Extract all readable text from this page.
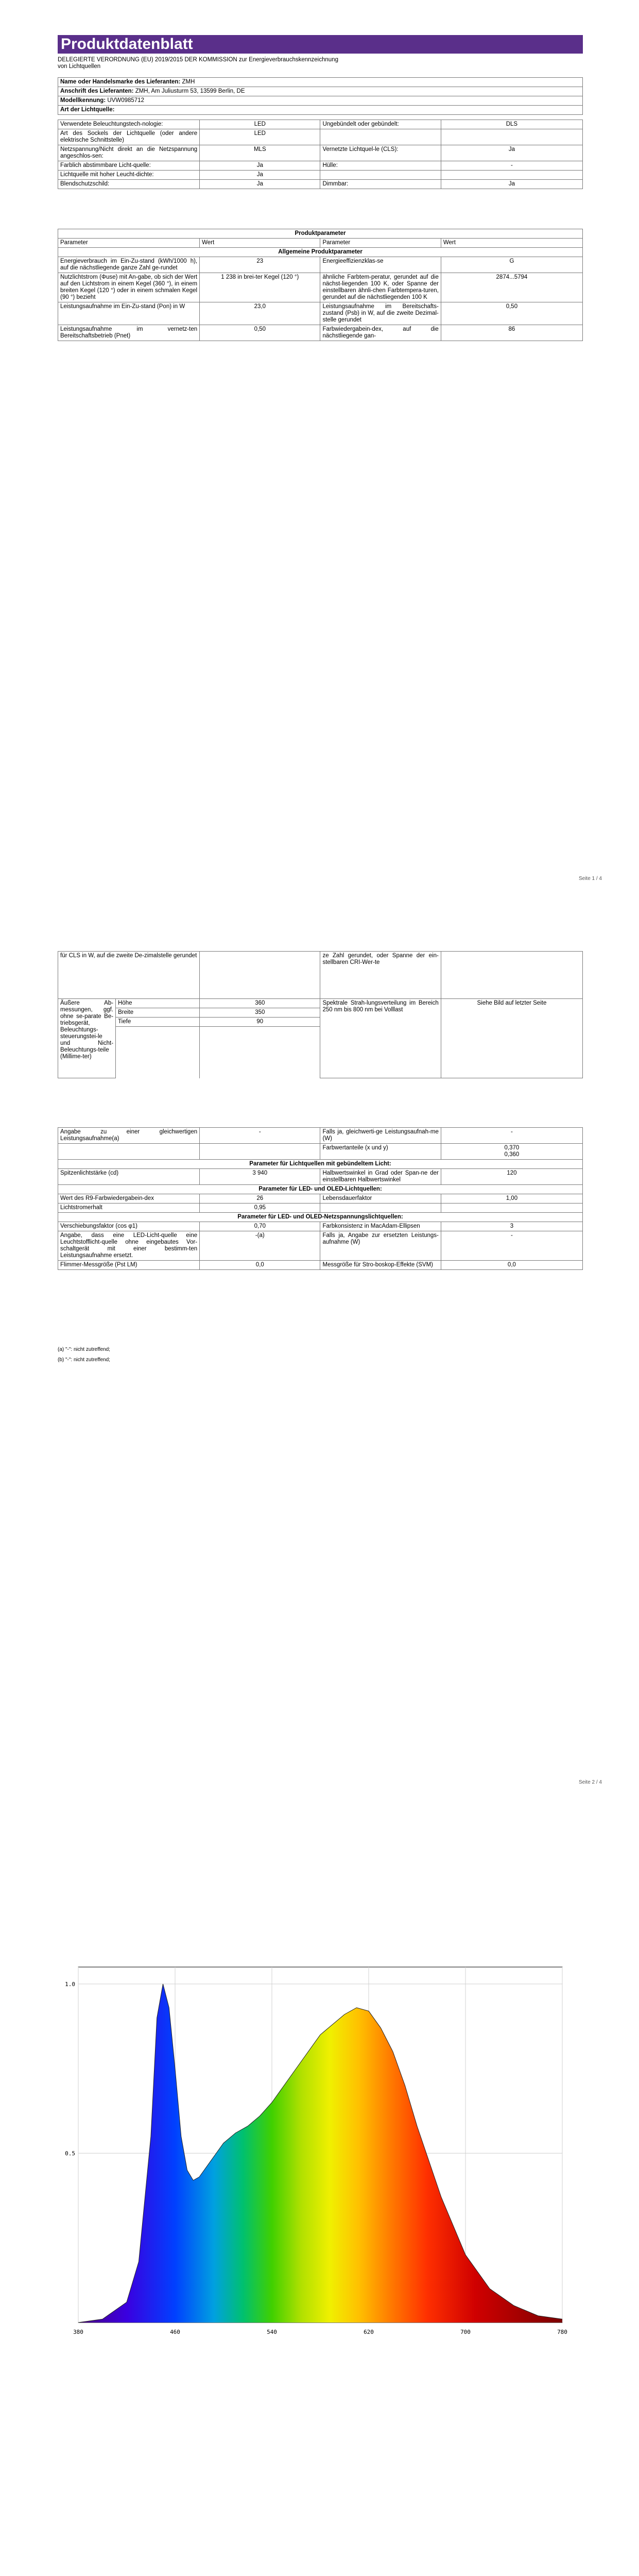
Produktdatenblatt
DELEGIERTE VERORDNUNG (EU) 2019/2015 DER KOMMISSION zur Energieverbrauchskennzeichnung von Lichtquellen
Name oder Handelsmarke des Lieferanten: ZMH
Anschrift des Lieferanten: ZMH, Am Juliusturm 53, 13599 Berlin, DE
Modellkennung: UVW0985712
Art der Lichtquelle:
Verwendete Beleuchtungstech-nologie:	LED	Ungebündelt oder gebündelt:	DLS
Art des Sockels der Lichtquelle (oder andere elektrische Schnittstelle)	LED		
Netzspannung/Nicht direkt an die Netzspannung angeschlos-sen:	MLS	Vernetzte Lichtquel-le (CLS):	Ja
Farblich abstimmbare Licht-quelle:	Ja	Hülle:	-
Lichtquelle mit hoher Leucht-dichte:	Ja		
Blendschutzschild:	Ja	Dimmbar:	Ja
Produktparameter			
Parameter	Wert	Parameter	Wert
Allgemeine Produktparameter			
Energieverbrauch im Ein-Zu-stand (kWh/1000 h), auf die nächstliegende ganze Zahl ge-rundet	23	Energieeffizienzklas-se	G
Nutzlichtstrom (Φuse) mit An-gabe, ob sich der Wert auf den Lichtstrom in einem Kegel (360 °), in einem breiten Kegel (120 °) oder in einem schmalen Kegel (90 °) bezieht	1 238 in brei-ter Kegel (120 °)	ähnliche Farbtem-peratur, gerundet auf die nächst-liegenden 100 K, oder Spanne der einstellbaren ähnli-chen Farbtempera-turen, gerundet auf die nächstliegenden 100 K	2874...5794
Leistungsaufnahme im Ein-Zu-stand (Pon) in W	23,0	Leistungsaufnahme im Bereitschafts-zustand (Psb) in W, auf die zweite Dezimal-stelle gerundet	0,50
Leistungsaufnahme im vernetz-ten Bereitschaftsbetrieb (Pnet)	0,50	Farbwiedergabein-dex, auf die nächstliegende gan-	86
Seite 1 / 4
für CLS in W, auf die zweite De-zimalstelle gerundet			ze Zahl gerundet, oder Spanne der ein-stellbaren CRI-Wer-te	
Äußere Ab-messungen, ggf. ohne se-parate Be-triebsgerät, Beleuchtungs-steuerungstei-le und Nicht-Beleuchtungs-teile (Millime-ter)	Höhe	360	Spektrale Strah-lungsverteilung im Bereich 250 nm bis 800 nm bei Volllast	Siehe Bild auf letzter Seite
	Breite	350		
	Tiefe	90		

Angabe zu einer gleichwertigen Leistungsaufnahme(a)	-	Falls ja, gleichwerti-ge Leistungsaufnah-me (W)	-
		Farbwertanteile (x und y)	0,370
0,360
Parameter für Lichtquellen mit gebündeltem Licht:			
Spitzenlichtstärke (cd)	3 940	Halbwertswinkel in Grad oder Span-ne der einstellbaren Halbwertswinkel	120
Parameter für LED- und OLED-Lichtquellen:			
Wert des R9-Farbwiedergabein-dex	26	Lebensdauerfaktor	1,00
Lichtstromerhalt	0,95		
Parameter für LED- und OLED-Netzspannungslichtquellen:			
Verschiebungsfaktor (cos φ1)	0,70	Farbkonsistenz in MacAdam-Ellipsen	3
Angabe, dass eine LED-Licht-quelle eine Leuchtstofflicht-quelle ohne eingebautes Vor-schaltgerät mit einer bestimm-ten Leistungsaufnahme ersetzt.	-(a)	Falls ja, Angabe zur ersetzten Leistungs-aufnahme (W)	-
Flimmer-Messgröße (Pst LM)	0,0	Messgröße für Stro-boskop-Effekte (SVM)	0,0
(a) "-": nicht zutreffend;
(b) "-": nicht zutreffend;
Seite 2 / 4
380	460	540	620	700	780
0.5
1.0
